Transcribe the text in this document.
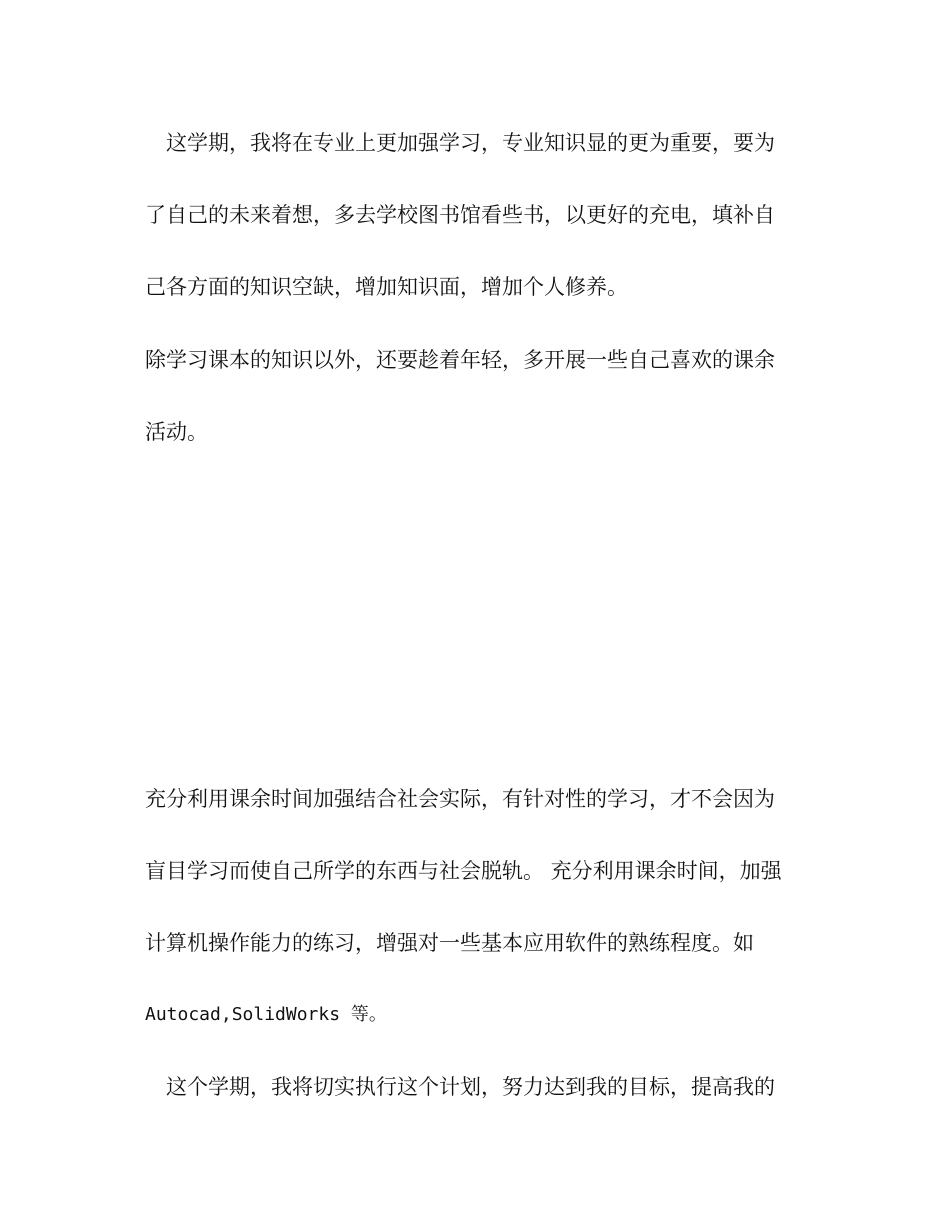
这学期，我将在专业上更加强学习，专业知识显的更为重要，要为
了自己的未来着想，多去学校图书馆看些书，以更好的充电，填补自
己各方面的知识空缺，增加知识面，增加个人修养。
除学习课本的知识以外，还要趁着年轻，多开展一些自己喜欢的课余
活动。
充分利用课余时间加强结合社会实际，有针对性的学习，才不会因为
盲目学习而使自己所学的东西与社会脱轨。 充分利用课余时间，加强
计算机操作能力的练习，增强对一些基本应用软件的熟练程度。如
Autocad,SolidWorks 等。
这个学期，我将切实执行这个计划，努力达到我的目标，提高我的
